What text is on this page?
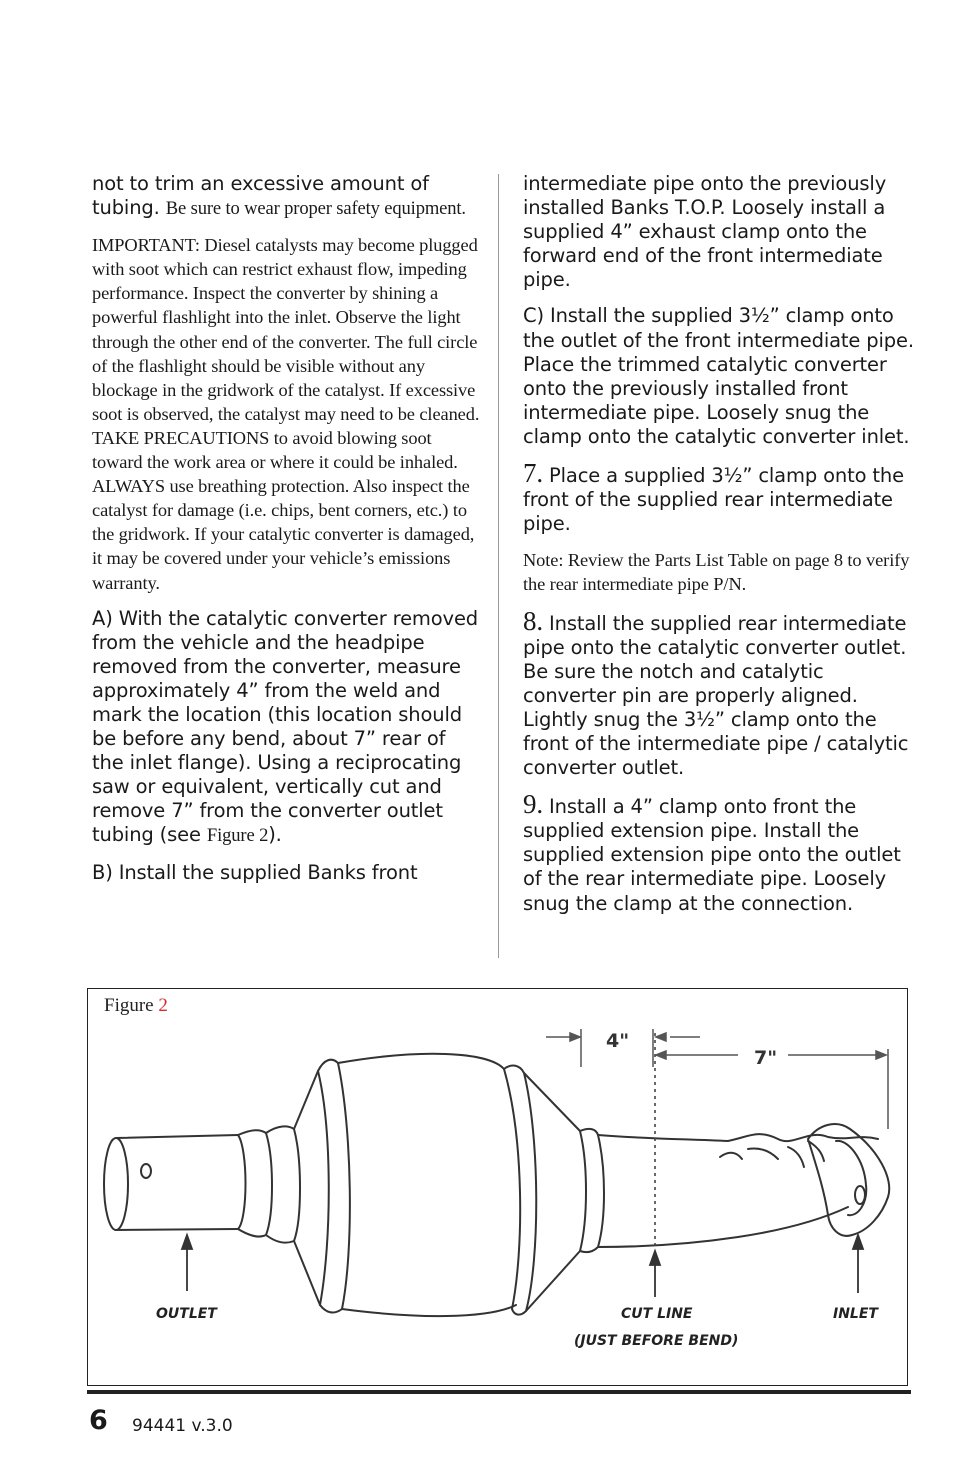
not to trim an excessive amount of tubing. Be sure to wear proper safety equipment.

IMPORTANT: Diesel catalysts may become plugged with soot which can restrict exhaust flow, impeding performance. Inspect the converter by shining a powerful flashlight into the inlet. Observe the light through the other end of the converter. The full circle of the flashlight should be visible without any blockage in the gridwork of the catalyst. If excessive soot is observed, the catalyst may need to be cleaned. TAKE PRECAUTIONS to avoid blowing soot toward the work area or where it could be inhaled. ALWAYS use breathing protection. Also inspect the catalyst for damage (i.e. chips, bent corners, etc.) to the gridwork. If your catalytic converter is damaged, it may be covered under your vehicle’s emissions warranty.

A) With the catalytic converter removed from the vehicle and the headpipe removed from the converter, measure approximately 4” from the weld and mark the location (this location should be before any bend, about 7” rear of the inlet flange). Using a reciprocating saw or equivalent, vertically cut and remove 7” from the converter outlet tubing (see Figure 2).

B) Install the supplied Banks front

intermediate pipe onto the previously installed Banks T.O.P. Loosely install a supplied 4” exhaust clamp onto the forward end of the front intermediate pipe.

C) Install the supplied 3½” clamp onto the outlet of the front intermediate pipe. Place the trimmed catalytic converter onto the previously installed front intermediate pipe. Loosely snug the clamp onto the catalytic converter inlet.

7. Place a supplied 3½” clamp onto the front of the supplied rear intermediate pipe.

Note: Review the Parts List Table on page 8 to verify the rear intermediate pipe P/N.

8. Install the supplied rear intermediate pipe onto the catalytic converter outlet. Be sure the notch and catalytic converter pin are properly aligned. Lightly snug the 3½” clamp onto the front of the intermediate pipe / catalytic converter outlet.

9. Install a 4” clamp onto front the supplied extension pipe. Install the supplied extension pipe onto the outlet of the rear intermediate pipe. Loosely snug the clamp at the connection.

4"
7"
OUTLET	CUT LINE
(JUST BEFORE BEND)
INLET
Figure 2
6 94441 v.3.0
